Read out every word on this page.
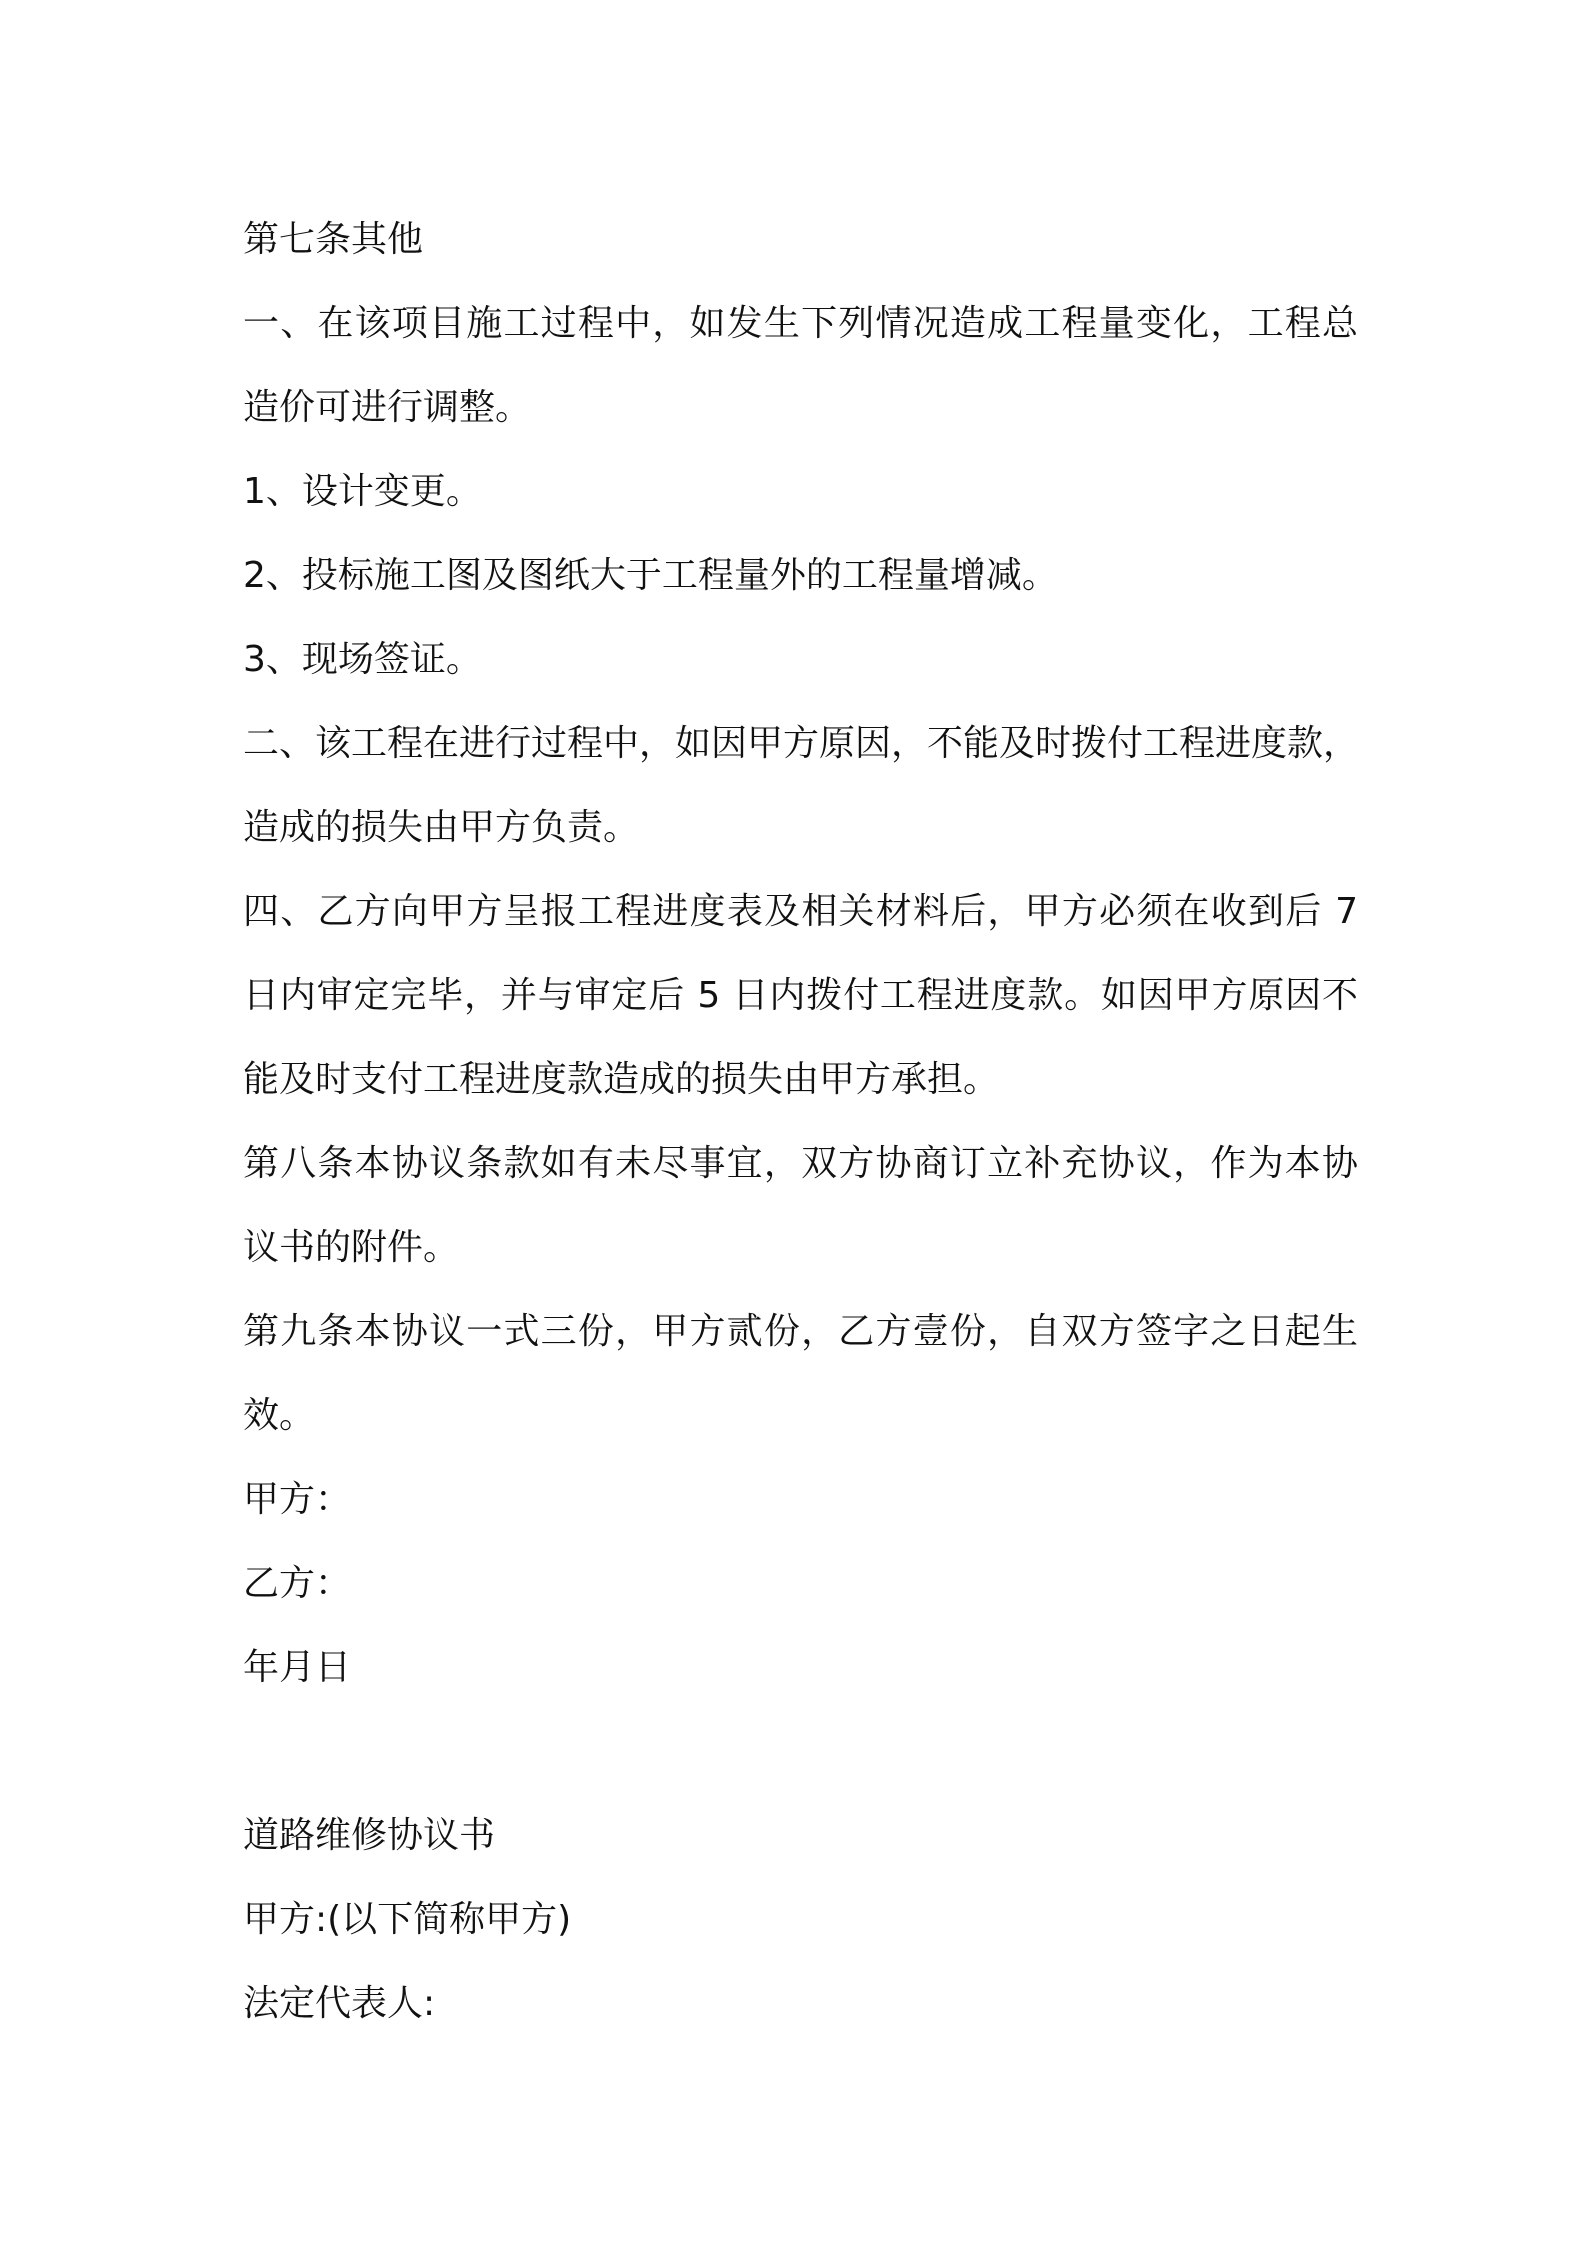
第七条其他
一、在该项目施工过程中，如发生下列情况造成工程量变化，工程总
造价可进行调整。
1、设计变更。
2、投标施工图及图纸大于工程量外的工程量增减。
3、现场签证。
二、该工程在进行过程中，如因甲方原因，不能及时拨付工程进度款，
造成的损失由甲方负责。
四、乙方向甲方呈报工程进度表及相关材料后，甲方必须在收到后 7
日内审定完毕，并与审定后 5 日内拨付工程进度款。如因甲方原因不
能及时支付工程进度款造成的损失由甲方承担。
第八条本协议条款如有未尽事宜，双方协商订立补充协议，作为本协
议书的附件。
第九条本协议一式三份，甲方贰份，乙方壹份，自双方签字之日起生
效。
甲方：
乙方：
年月日
道路维修协议书
甲方:(以下简称甲方)
法定代表人:
